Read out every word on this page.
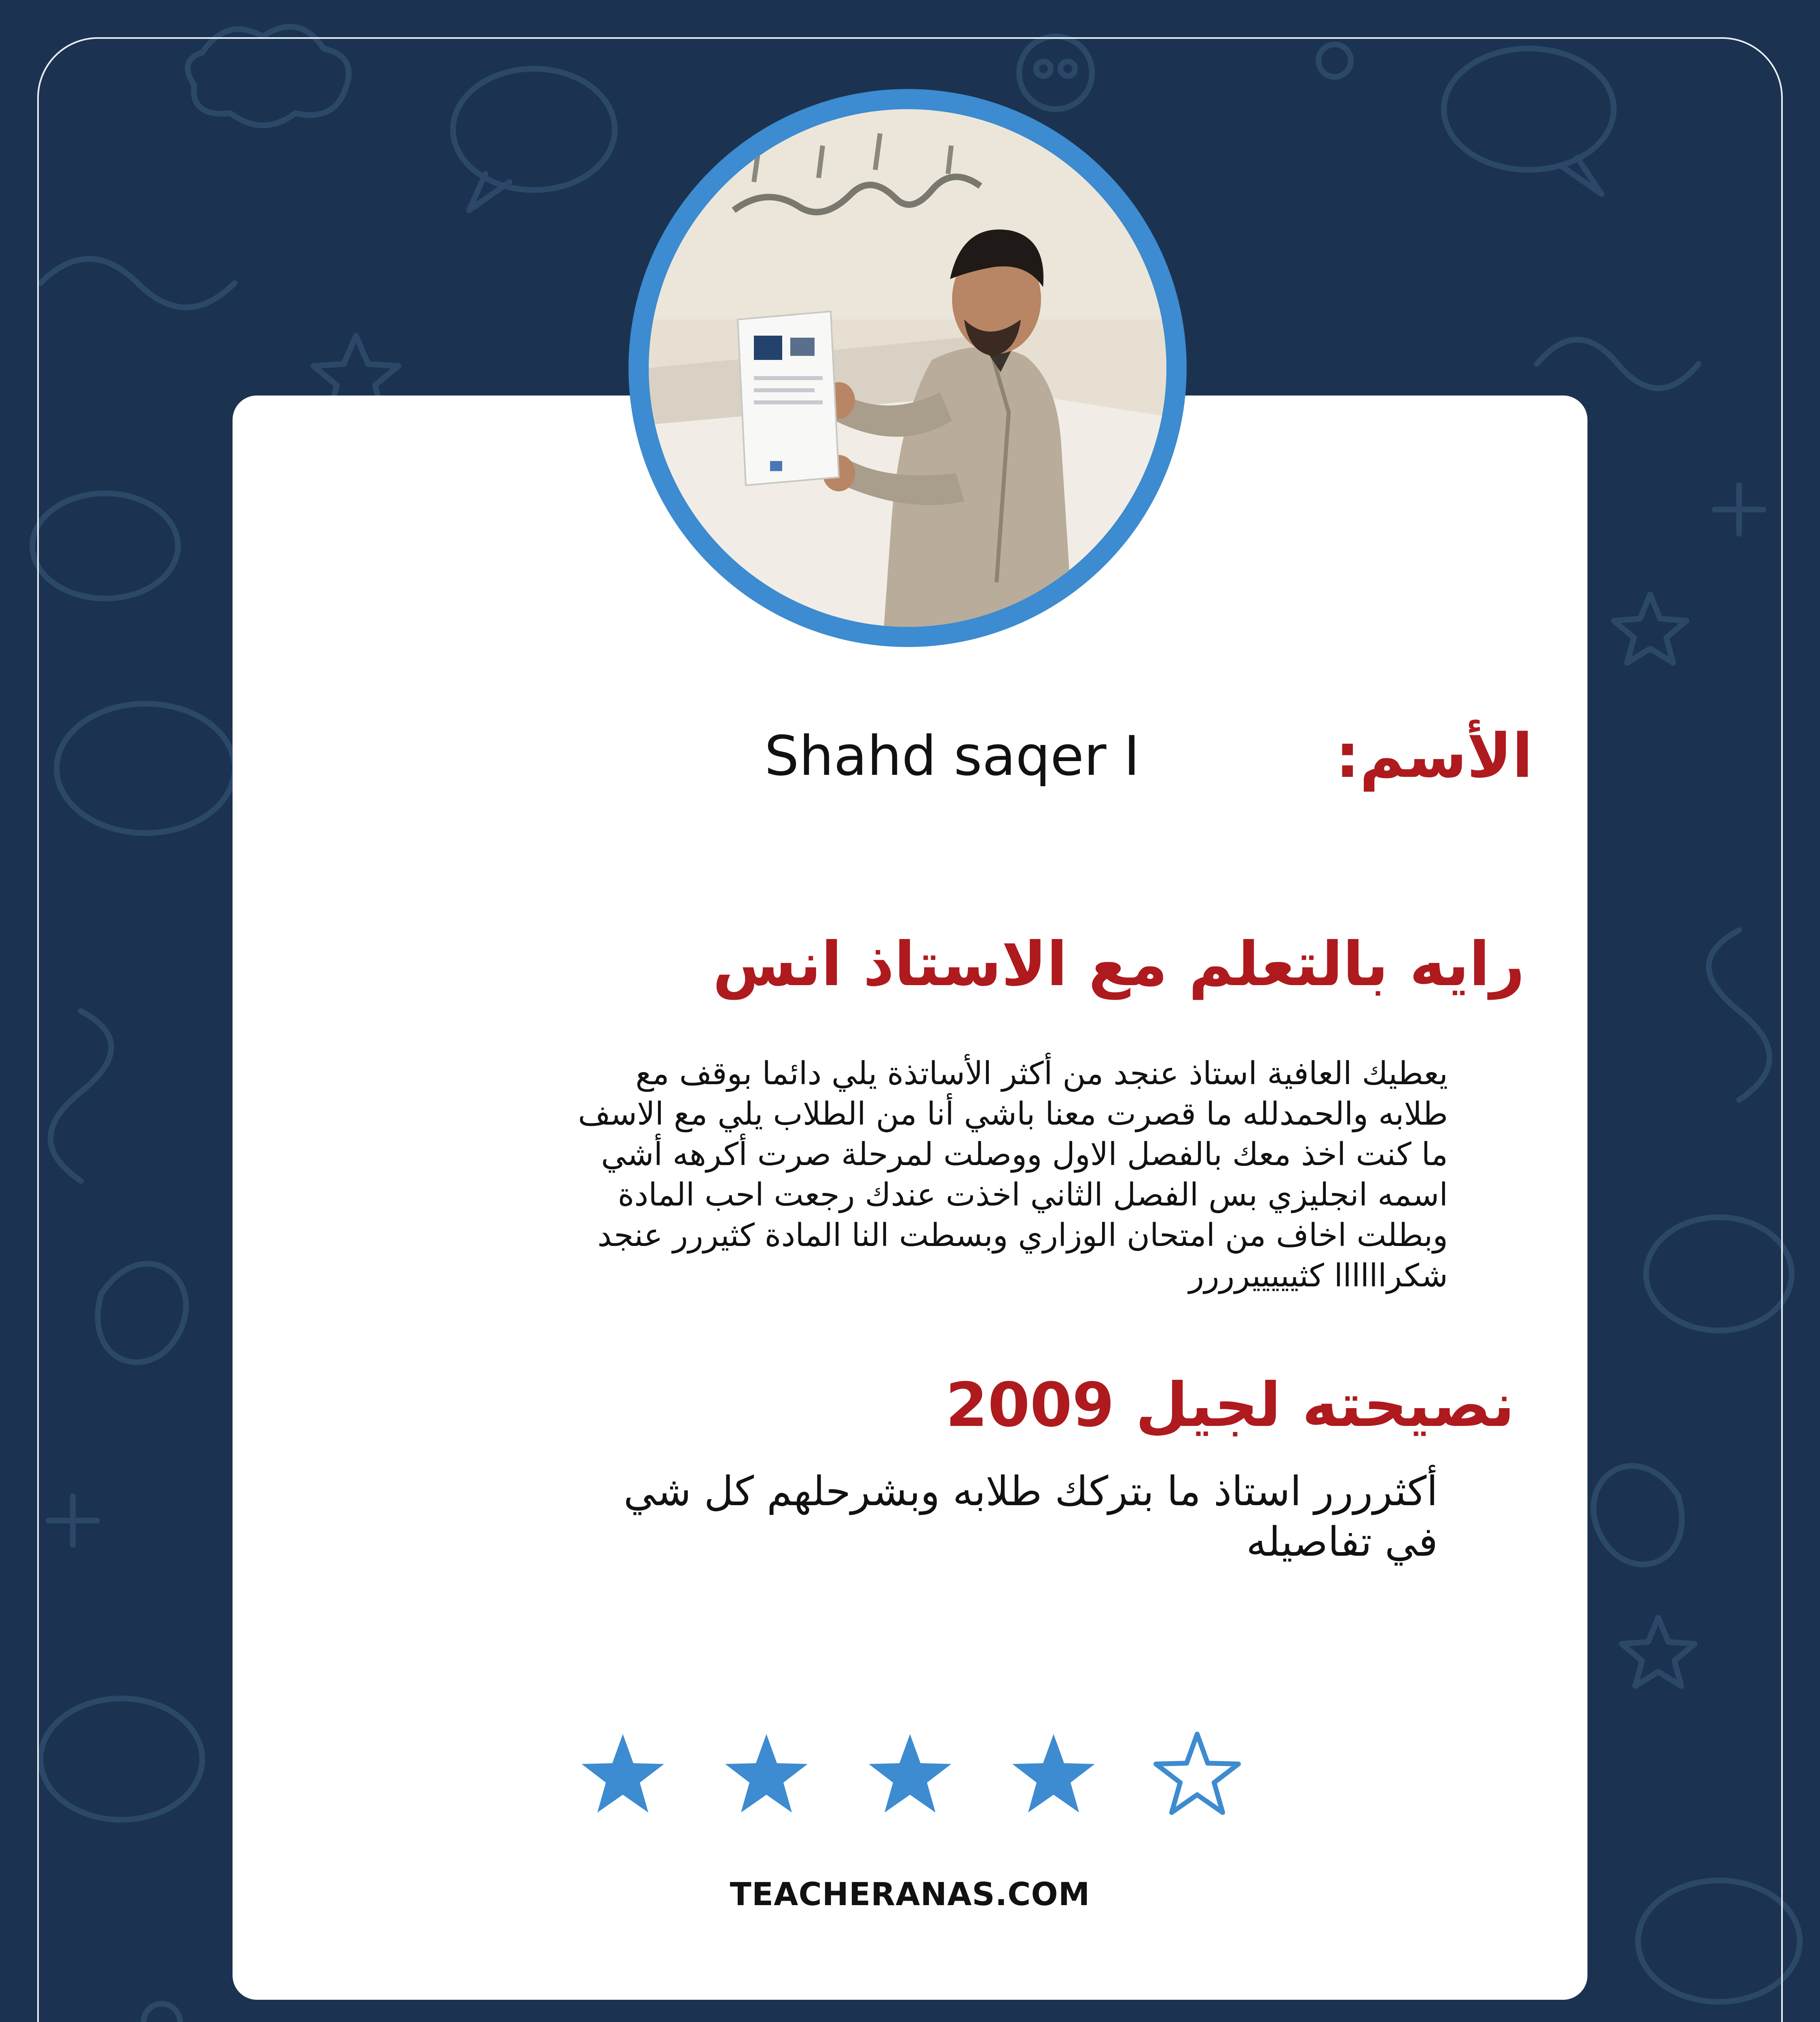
الأسم:
Shahd saqer I
رايه بالتعلم مع الاستاذ انس
يعطيك العافية استاذ عنجد من أكثر الأساتذة يلي دائما بوقف مع
طلابه والحمدلله ما قصرت معنا باشي أنا من الطلاب يلي مع الاسف
ما كنت اخذ معك بالفصل الاول ووصلت لمرحلة صرت أكرهه أشي
اسمه انجليزي بس الفصل الثاني اخذت عندك رجعت احب المادة
وبطلت اخاف من امتحان الوزاري وبسطت النا المادة كثيررر عنجد
شكراااااا كثيييييرررر
نصيحته لجيل 2009
أكثرررر استاذ ما بتركك طلابه وبشرحلهم كل شي
في تفاصيله
TEACHERANAS.COM
